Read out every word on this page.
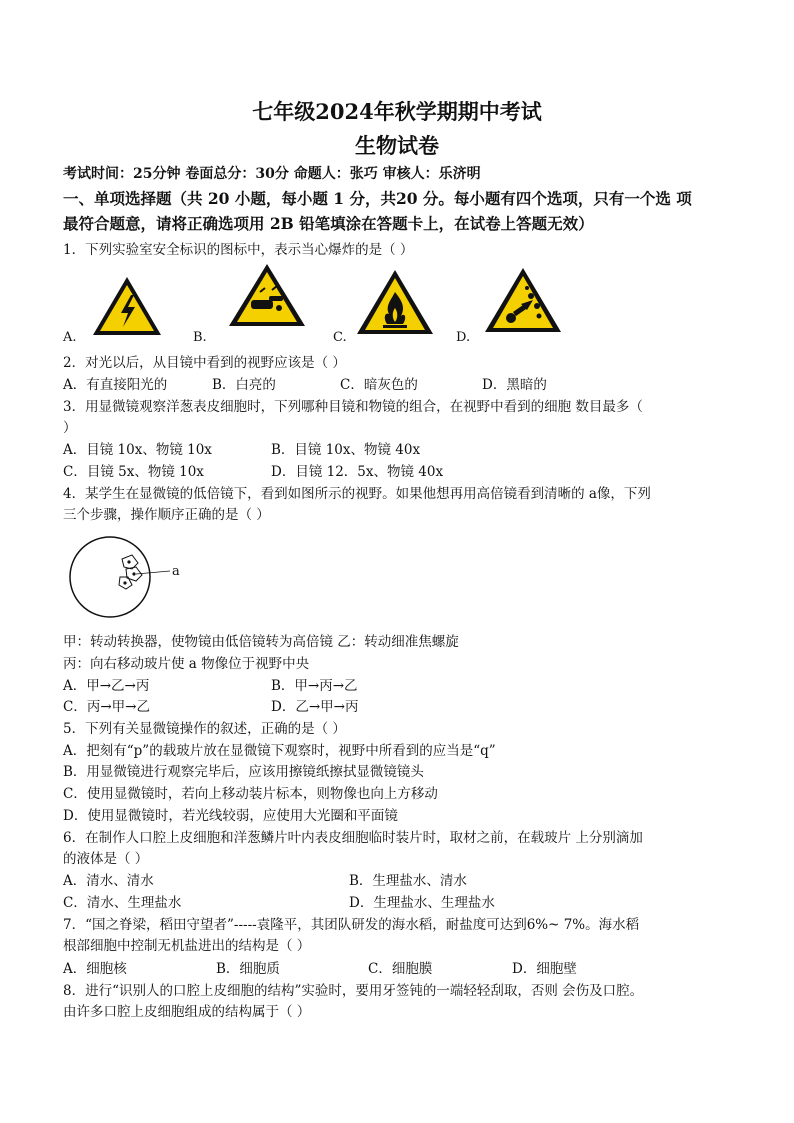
七年级2024年秋学期期中考试
生物试卷
考试时间：25分钟 卷面总分：30分 命题人：张巧 审核人：乐济明
一、单项选择题（共 20 小题，每小题 1 分，共20 分。每小题有四个选项，只有一个选 项
最符合题意，请将正确选项用 2B 铅笔填涂在答题卡上，在试卷上答题无效）
1．下列实验室安全标识的图标中，表示当心爆炸的是（ ）
A.	B.	C.	D.
2．对光以后，从目镜中看到的视野应该是（ ）
A．有直接阳光的	B．白亮的	C．暗灰色的	D．黑暗的
3．用显微镜观察洋葱表皮细胞时，下列哪种目镜和物镜的组合，在视野中看到的细胞 数目最多（
）
A．目镜 10x、物镜 10x	B．目镜 10x、物镜 40x
C．目镜 5x、物镜 10x	D．目镜 12．5x、物镜 40x
4．某学生在显微镜的低倍镜下，看到如图所示的视野。如果他想再用高倍镜看到清晰的 a像，下列
三个步骤，操作顺序正确的是（ ）
a
甲：转动转换器，使物镜由低倍镜转为高倍镜 乙：转动细准焦螺旋
丙：向右移动玻片使 a 物像位于视野中央
A．甲→乙→丙	B．甲→丙→乙
C．丙→甲→乙	D．乙→甲→丙
5．下列有关显微镜操作的叙述，正确的是（ ）
A．把刻有“p”的载玻片放在显微镜下观察时，视野中所看到的应当是“q”
B．用显微镜进行观察完毕后，应该用擦镜纸擦拭显微镜镜头
C．使用显微镜时，若向上移动装片标本，则物像也向上方移动
D．使用显微镜时，若光线较弱，应使用大光圈和平面镜
6．在制作人口腔上皮细胞和洋葱鳞片叶内表皮细胞临时装片时，取材之前，在载玻片 上分别滴加
的液体是（ ）
A．清水、清水	B．生理盐水、清水
C．清水、生理盐水	D．生理盐水、生理盐水
7．“国之脊梁，稻田守望者”-----袁隆平，其团队研发的海水稻，耐盐度可达到6%~ 7%。海水稻
根部细胞中控制无机盐进出的结构是（ ）
A．细胞核	B．细胞质	C．细胞膜	D．细胞壁
8．进行“识别人的口腔上皮细胞的结构”实验时，要用牙签钝的一端轻轻刮取，否则 会伤及口腔。
由许多口腔上皮细胞组成的结构属于（ ）
